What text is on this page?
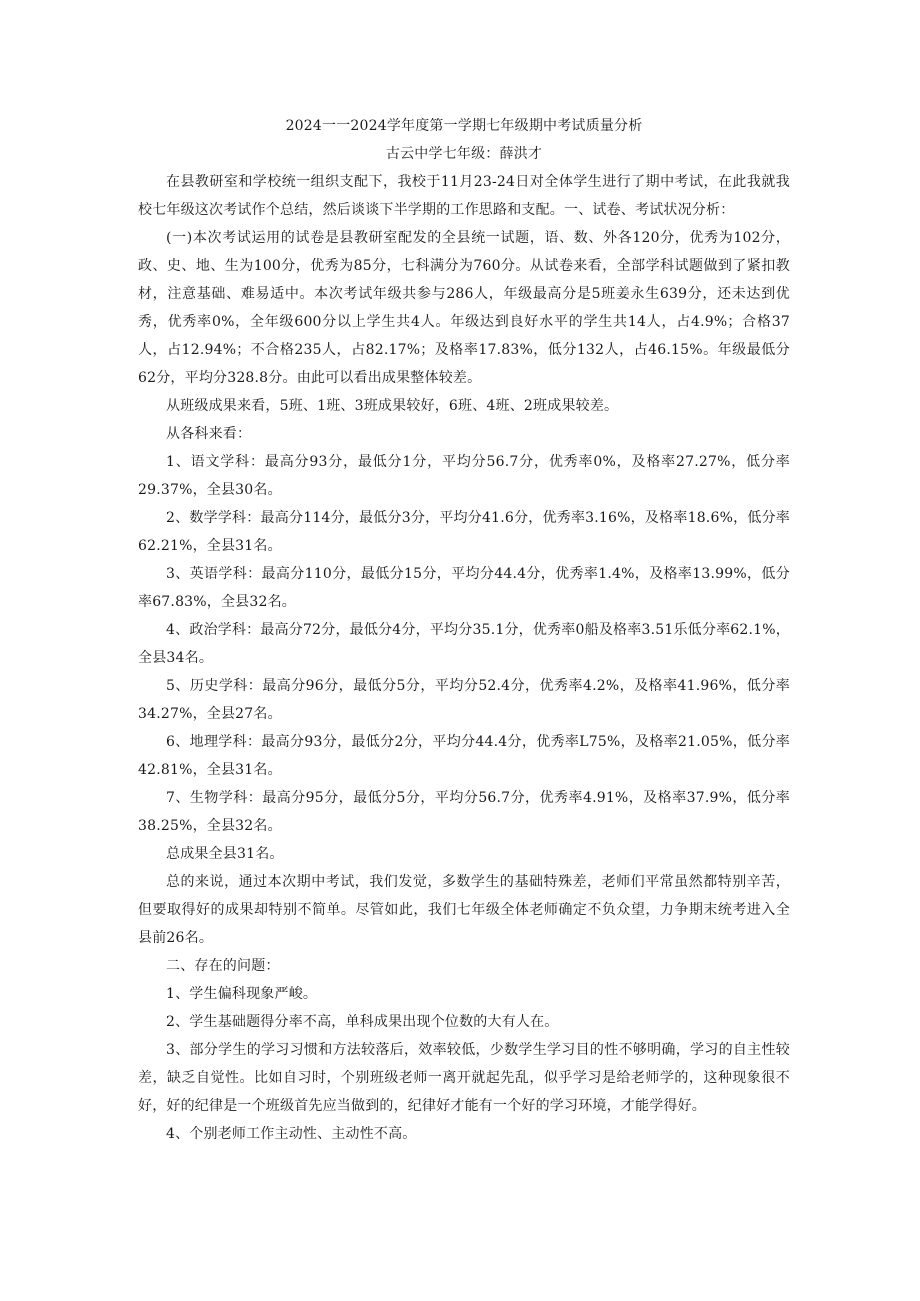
2024一一2024学年度第一学期七年级期中考试质量分析

古云中学七年级：薛洪才

在县教研室和学校统一组织支配下，我校于11月23-24日对全体学生进行了期中考试，在此我就我校七年级这次考试作个总结，然后谈谈下半学期的工作思路和支配。一、试卷、考试状况分析：

(一)本次考试运用的试卷是县教研室配发的全县统一试题，语、数、外各120分，优秀为102分，政、史、地、生为100分，优秀为85分，七科满分为760分。从试卷来看，全部学科试题做到了紧扣教材，注意基础、难易适中。本次考试年级共参与286人，年级最高分是5班姜永生639分，还未达到优秀，优秀率0%，全年级600分以上学生共4人。年级达到良好水平的学生共14人，占4.9%；合格37人，占12.94%；不合格235人，占82.17%；及格率17.83%，低分132人，占46.15%。年级最低分62分，平均分328.8分。由此可以看出成果整体较差。

从班级成果来看，5班、1班、3班成果较好，6班、4班、2班成果较差。

从各科来看：

1、语文学科：最高分93分，最低分1分，平均分56.7分，优秀率0%，及格率27.27%，低分率29.37%，全县30名。

2、数学学科：最高分114分，最低分3分，平均分41.6分，优秀率3.16%，及格率18.6%，低分率62.21%，全县31名。

3、英语学科：最高分110分，最低分15分，平均分44.4分，优秀率1.4%，及格率13.99%，低分率67.83%，全县32名。

4、政治学科：最高分72分，最低分4分，平均分35.1分，优秀率0船及格率3.51乐低分率62.1%，全县34名。

5、历史学科：最高分96分，最低分5分，平均分52.4分，优秀率4.2%，及格率41.96%，低分率34.27%，全县27名。

6、地理学科：最高分93分，最低分2分，平均分44.4分，优秀率L75%，及格率21.05%，低分率42.81%，全县31名。

7、生物学科：最高分95分，最低分5分，平均分56.7分，优秀率4.91%，及格率37.9%，低分率38.25%，全县32名。

总成果全县31名。

总的来说，通过本次期中考试，我们发觉，多数学生的基础特殊差，老师们平常虽然都特别辛苦，但要取得好的成果却特别不简单。尽管如此，我们七年级全体老师确定不负众望，力争期末统考进入全县前26名。

二、存在的问题：

1、学生偏科现象严峻。

2、学生基础题得分率不高，单科成果出现个位数的大有人在。

3、部分学生的学习习惯和方法较落后，效率较低，少数学生学习目的性不够明确，学习的自主性较差，缺乏自觉性。比如自习时，个别班级老师一离开就起先乱，似乎学习是给老师学的，这种现象很不好，好的纪律是一个班级首先应当做到的，纪律好才能有一个好的学习环境，才能学得好。

4、个别老师工作主动性、主动性不高。
